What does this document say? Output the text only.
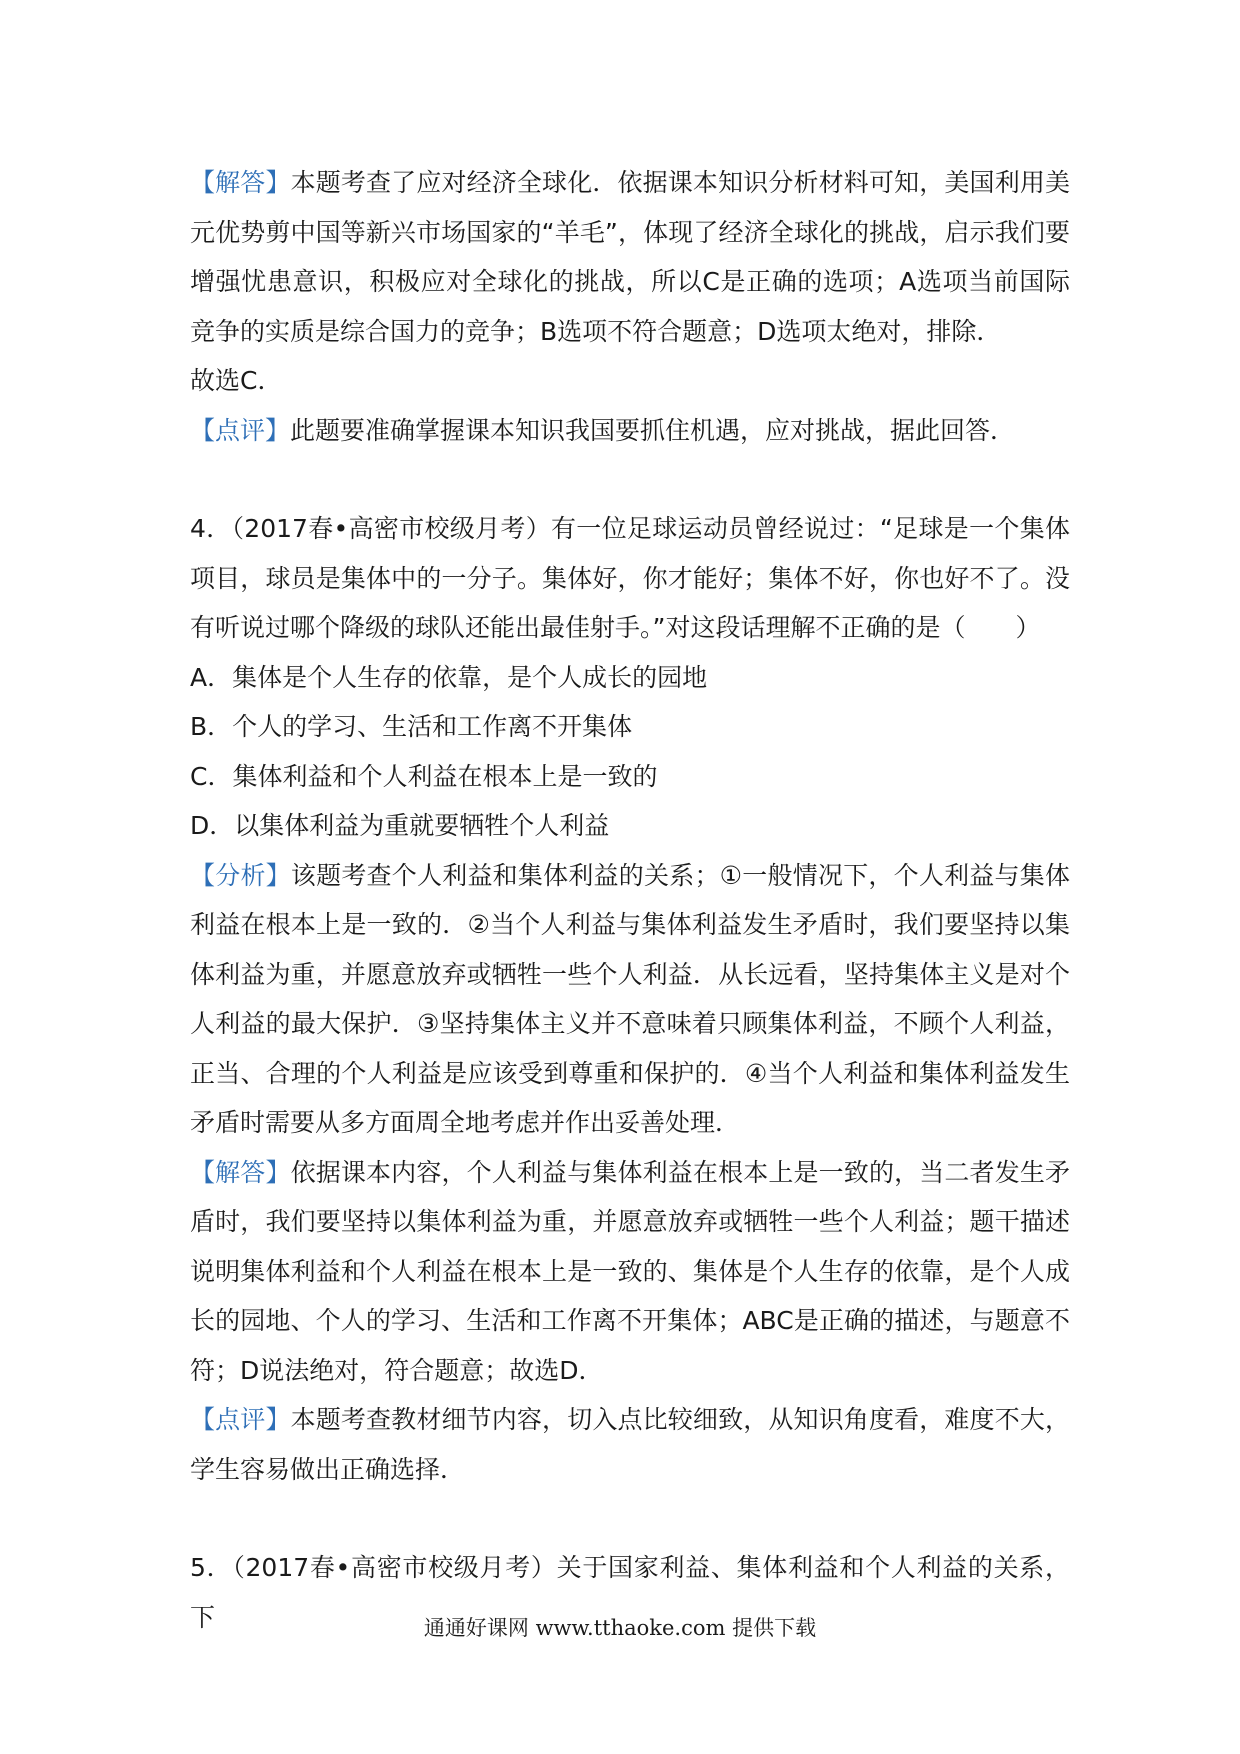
【解答】本题考查了应对经济全球化．依据课本知识分析材料可知，美国利用美元优势剪中国等新兴市场国家的“羊毛”，体现了经济全球化的挑战，启示我们要增强忧患意识，积极应对全球化的挑战，所以C是正确的选项；A选项当前国际竞争的实质是综合国力的竞争；B选项不符合题意；D选项太绝对，排除．

故选C．

【点评】此题要准确掌握课本知识我国要抓住机遇，应对挑战，据此回答．

4．（2017春•高密市校级月考）有一位足球运动员曾经说过：“足球是一个集体项目，球员是集体中的一分子。集体好，你才能好；集体不好，你也好不了。没有听说过哪个降级的球队还能出最佳射手。”对这段话理解不正确的是（　　）

A．集体是个人生存的依靠，是个人成长的园地

B．个人的学习、生活和工作离不开集体

C．集体利益和个人利益在根本上是一致的

D．以集体利益为重就要牺牲个人利益

【分析】该题考查个人利益和集体利益的关系；①一般情况下，个人利益与集体利益在根本上是一致的．②当个人利益与集体利益发生矛盾时，我们要坚持以集体利益为重，并愿意放弃或牺牲一些个人利益．从长远看，坚持集体主义是对个人利益的最大保护．③坚持集体主义并不意味着只顾集体利益，不顾个人利益，正当、合理的个人利益是应该受到尊重和保护的．④当个人利益和集体利益发生矛盾时需要从多方面周全地考虑并作出妥善处理．

【解答】依据课本内容，个人利益与集体利益在根本上是一致的，当二者发生矛盾时，我们要坚持以集体利益为重，并愿意放弃或牺牲一些个人利益；题干描述说明集体利益和个人利益在根本上是一致的、集体是个人生存的依靠，是个人成长的园地、个人的学习、生活和工作离不开集体；ABC是正确的描述，与题意不符；D说法绝对，符合题意；故选D．

【点评】本题考查教材细节内容，切入点比较细致，从知识角度看，难度不大，学生容易做出正确选择．

5．（2017春•高密市校级月考）关于国家利益、集体利益和个人利益的关系，下	通通好课网 www.tthaoke.com 提供下载
